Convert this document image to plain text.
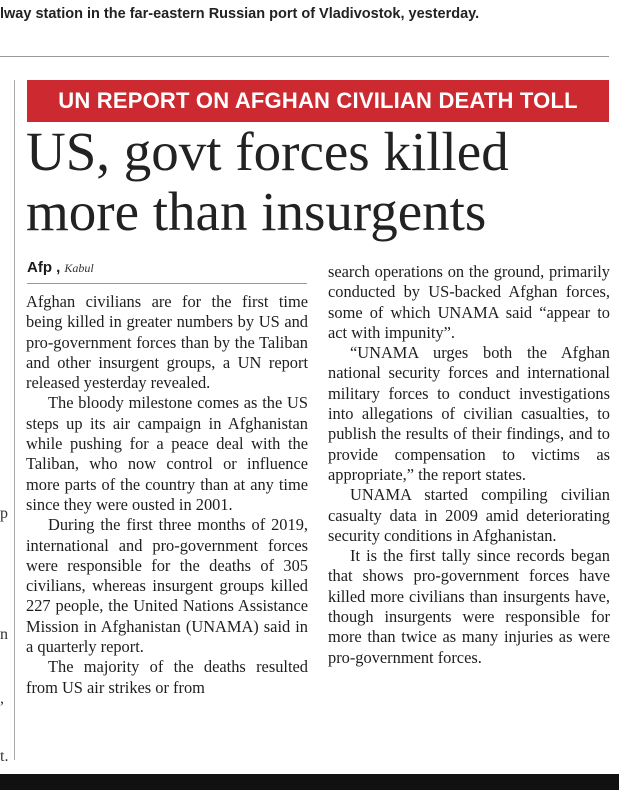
lway station in the far-eastern Russian port of Vladivostok, yesterday.
p
n
,
t.
UN REPORT ON AFGHAN CIVILIAN DEATH TOLL
US, govt forces killed
more than insurgents
Afp , Kabul

Afghan civilians are for the first time being killed in greater numbers by US and pro-government forces than by the Taliban and other insurgent groups, a UN report released yesterday revealed.

The bloody milestone comes as the US steps up its air campaign in Afghanistan while pushing for a peace deal with the Taliban, who now control or influence more parts of the country than at any time since they were ousted in 2001.

During the first three months of 2019, international and pro-government forces were responsible for the deaths of 305 civilians, whereas insurgent groups killed 227 people, the United Nations Assistance Mission in Afghanistan (UNAMA) said in a quarterly report.

The majority of the deaths resulted from US air strikes or from

search operations on the ground, primarily conducted by US-backed Afghan forces, some of which UNAMA said “appear to act with impunity”.

“UNAMA urges both the Afghan national security forces and international military forces to conduct investigations into allegations of civilian casualties, to publish the results of their findings, and to provide compensation to victims as appropriate,” the report states.

UNAMA started compiling civilian casualty data in 2009 amid deteriorating security conditions in Afghanistan.

It is the first tally since records began that shows pro-government forces have killed more civilians than insurgents have, though insurgents were responsible for more than twice as many injuries as were pro-government forces.
